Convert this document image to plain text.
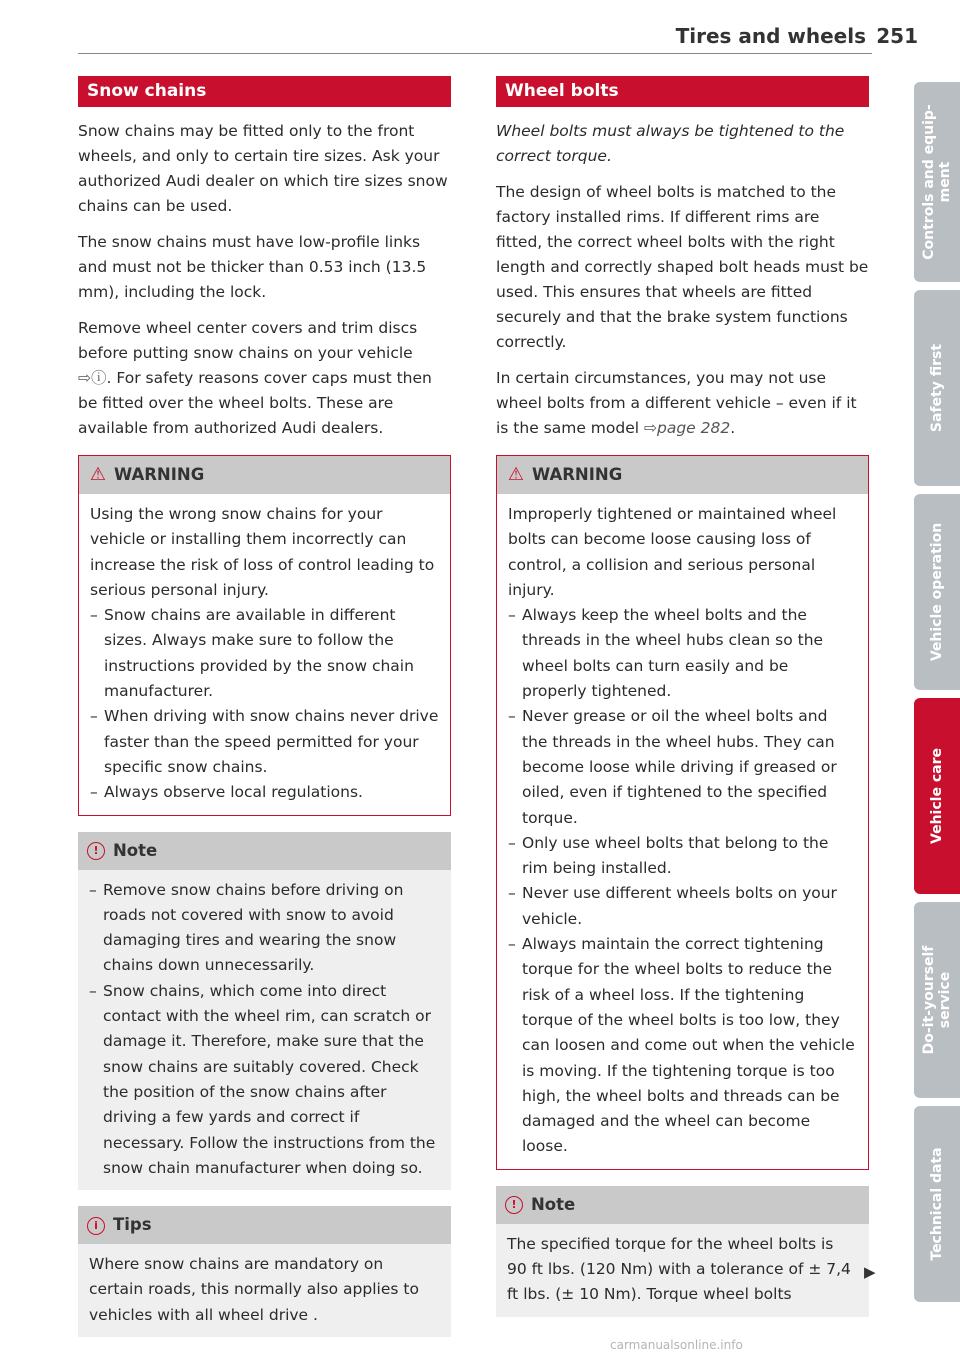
Tires and wheels 251
Snow chains

Snow chains may be fitted only to the front wheels, and only to certain tire sizes. Ask your authorized Audi dealer on which tire sizes snow chains can be used.

The snow chains must have low-profile links and must not be thicker than 0.53 inch (13.5 mm), including the lock.

Remove wheel center covers and trim discs before putting snow chains on your vehicle ⇨ⓘ. For safety reasons cover caps must then be fitted over the wheel bolts. These are available from authorized Audi dealers.

⚠ WARNING

Using the wrong snow chains for your vehicle or installing them incorrectly can increase the risk of loss of control leading to serious personal injury.

– Snow chains are available in different sizes. Always make sure to follow the instructions provided by the snow chain manufacturer.
– When driving with snow chains never drive faster than the speed permitted for your specific snow chains.
– Always observe local regulations.
! Note
– Remove snow chains before driving on roads not covered with snow to avoid damaging tires and wearing the snow chains down unnecessarily.
– Snow chains, which come into direct contact with the wheel rim, can scratch or damage it. Therefore, make sure that the snow chains are suitably covered. Check the position of the snow chains after driving a few yards and correct if necessary. Follow the instructions from the snow chain manufacturer when doing so.
i Tips

Where snow chains are mandatory on certain roads, this normally also applies to vehicles with all wheel drive .

Wheel bolts

Wheel bolts must always be tightened to the correct torque.

The design of wheel bolts is matched to the factory installed rims. If different rims are fitted, the correct wheel bolts with the right length and correctly shaped bolt heads must be used. This ensures that wheels are fitted securely and that the brake system functions correctly.

In certain circumstances, you may not use wheel bolts from a different vehicle – even if it is the same model ⇨page 282.

⚠ WARNING

Improperly tightened or maintained wheel bolts can become loose causing loss of control, a collision and serious personal injury.

– Always keep the wheel bolts and the threads in the wheel hubs clean so the wheel bolts can turn easily and be properly tightened.
– Never grease or oil the wheel bolts and the threads in the wheel hubs. They can become loose while driving if greased or oiled, even if tightened to the specified torque.
– Only use wheel bolts that belong to the rim being installed.
– Never use different wheels bolts on your vehicle.
– Always maintain the correct tightening torque for the wheel bolts to reduce the risk of a wheel loss. If the tightening torque of the wheel bolts is too low, they can loosen and come out when the vehicle is moving. If the tightening torque is too high, the wheel bolts and threads can be damaged and the wheel can become loose.
! Note

The specified torque for the wheel bolts is 90 ft lbs. (120 Nm) with a tolerance of ± 7,4 ft lbs. (± 10 Nm). Torque wheel bolts

▶
Controls and equip-
ment
Safety first
Vehicle operation
Vehicle care
Do-it-yourself
service
Technical data
carmanualsonline.info
